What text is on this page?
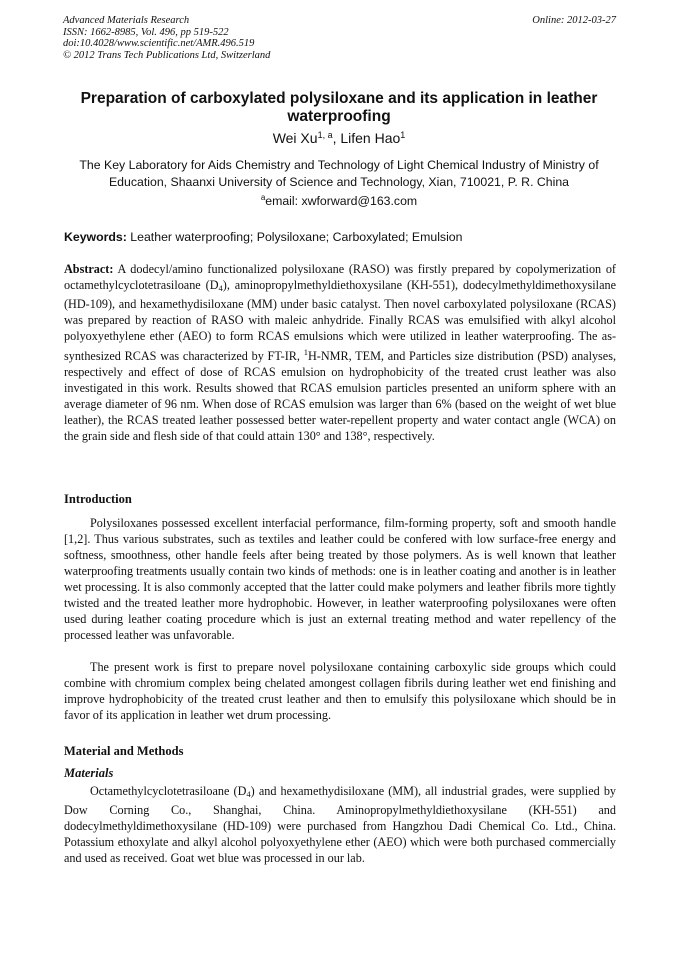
Advanced Materials Research
ISSN: 1662-8985, Vol. 496, pp 519-522
doi:10.4028/www.scientific.net/AMR.496.519
© 2012 Trans Tech Publications Ltd, Switzerland
Online: 2012-03-27
Preparation of carboxylated polysiloxane and its application in leather waterproofing
Wei Xu$^{1, a}$, Lifen Hao$^1$
The Key Laboratory for Aids Chemistry and Technology of Light Chemical Industry of Ministry of Education, Shaanxi University of Science and Technology, Xian, 710021, P. R. China
$^a$email: xwforward@163.com
Keywords: Leather waterproofing; Polysiloxane; Carboxylated; Emulsion

Abstract: A dodecyl/amino functionalized polysiloxane (RASO) was firstly prepared by copolymerization of octamethylcyclotetrasiloane $(D_4)$, aminopropylmethyldiethoxysilane (KH-551), dodecylmethyldimethoxysilane (HD-109), and hexamethydisiloxane (MM) under basic catalyst. Then novel carboxylated polysiloxane (RCAS) was prepared by reaction of RASO with maleic anhydride. Finally RCAS was emulsified with alkyl alcohol polyoxyethylene ether (AEO) to form RCAS emulsions which were utilized in leather waterproofing. The as-synthesized RCAS was characterized by FT-IR, $^1$H-NMR, TEM, and Particles size distribution (PSD) analyses, respectively and effect of dose of RCAS emulsion on hydrophobicity of the treated crust leather was also investigated in this work. Results showed that RCAS emulsion particles presented an uniform sphere with an average diameter of 96 nm. When dose of RCAS emulsion was larger than 6% (based on the weight of wet blue leather), the RCAS treated leather possessed better water-repellent property and water contact angle (WCA) on the grain side and flesh side of that could attain 130° and 138°, respectively.

Introduction

Polysiloxanes possessed excellent interfacial performance, film-forming property, soft and smooth handle [1,2]. Thus various substrates, such as textiles and leather could be confered with low surface-free energy and softness, smoothness, other handle feels after being treated by those polymers. As is well known that leather waterproofing treatments usually contain two kinds of methods: one is in leather coating and another is in leather wet processing. It is also commonly accepted that the latter could make polymers and leather fibrils more tightly twisted and the treated leather more hydrophobic. However, in leather waterproofing polysiloxanes were often used during leather coating procedure which is just an external treating method and water repellency of the processed leather was unfavorable.

The present work is first to prepare novel polysiloxane containing carboxylic side groups which could combine with chromium complex being chelated amongest collagen fibrils during leather wet end finishing and improve hydrophobicity of the treated crust leather and then to emulsify this polysiloxane which should be in favor of its application in leather wet drum processing.

Material and Methods
Materials

Octamethylcyclotetrasiloane $(D_4)$ and hexamethydisiloxane (MM), all industrial grades, were supplied by Dow Corning Co., Shanghai, China. Aminopropylmethyldiethoxysilane (KH-551) and dodecylmethyldimethoxysilane (HD-109) were purchased from Hangzhou Dadi Chemical Co. Ltd., China. Potassium ethoxylate and alkyl alcohol polyoxyethylene ether (AEO) which were both purchased commercially and used as received. Goat wet blue was processed in our lab.
